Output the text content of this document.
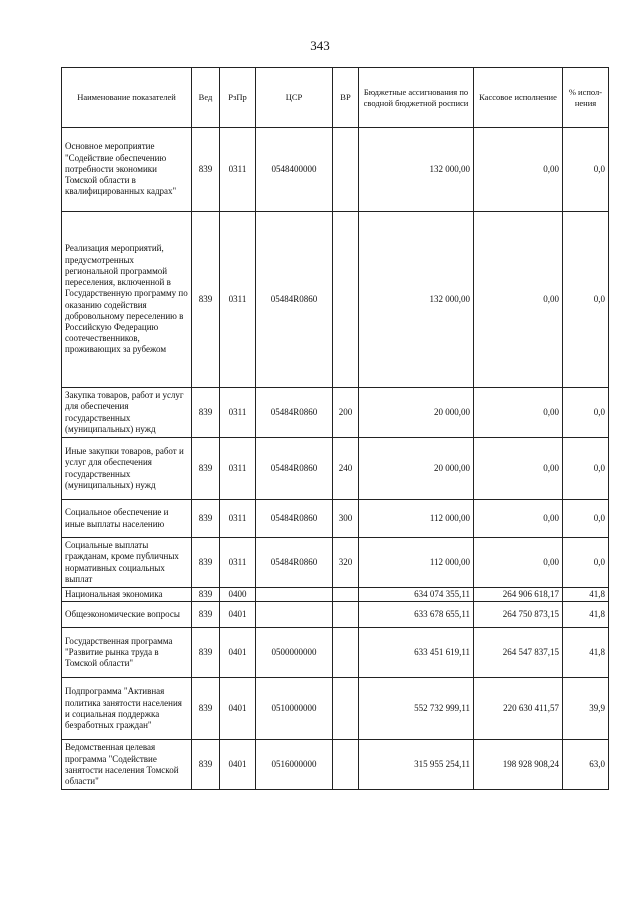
343
Наименование показателей	Вед	РзПр	ЦСР	ВР	Бюджетные ассигнования по сводной бюджетной росписи	Кассовое исполнение	% испол-нения
Основное мероприятие "Содействие обеспечению потребности экономики Томской области в квалифицированных кадрах"	839	0311	0548400000		132 000,00	0,00	0,0
Реализация мероприятий, предусмотренных региональной программой переселения, включенной в Государственную программу по оказанию содействия добровольному переселению в Российскую Федерацию соотечественников, проживающих за рубежом	839	0311	05484R0860		132 000,00	0,00	0,0
Закупка товаров, работ и услуг для обеспечения государственных (муниципальных) нужд	839	0311	05484R0860	200	20 000,00	0,00	0,0
Иные закупки товаров, работ и услуг для обеспечения государственных (муниципальных) нужд	839	0311	05484R0860	240	20 000,00	0,00	0,0
Социальное обеспечение и иные выплаты населению	839	0311	05484R0860	300	112 000,00	0,00	0,0
Социальные выплаты гражданам, кроме публичных нормативных социальных выплат	839	0311	05484R0860	320	112 000,00	0,00	0,0
Национальная экономика	839	0400			634 074 355,11	264 906 618,17	41,8
Общеэкономические вопросы	839	0401			633 678 655,11	264 750 873,15	41,8
Государственная программа "Развитие рынка труда в Томской области"	839	0401	0500000000		633 451 619,11	264 547 837,15	41,8
Подпрограмма "Активная политика занятости населения и социальная поддержка безработных граждан"	839	0401	0510000000		552 732 999,11	220 630 411,57	39,9
Ведомственная целевая программа "Содействие занятости населения Томской области"	839	0401	0516000000		315 955 254,11	198 928 908,24	63,0
